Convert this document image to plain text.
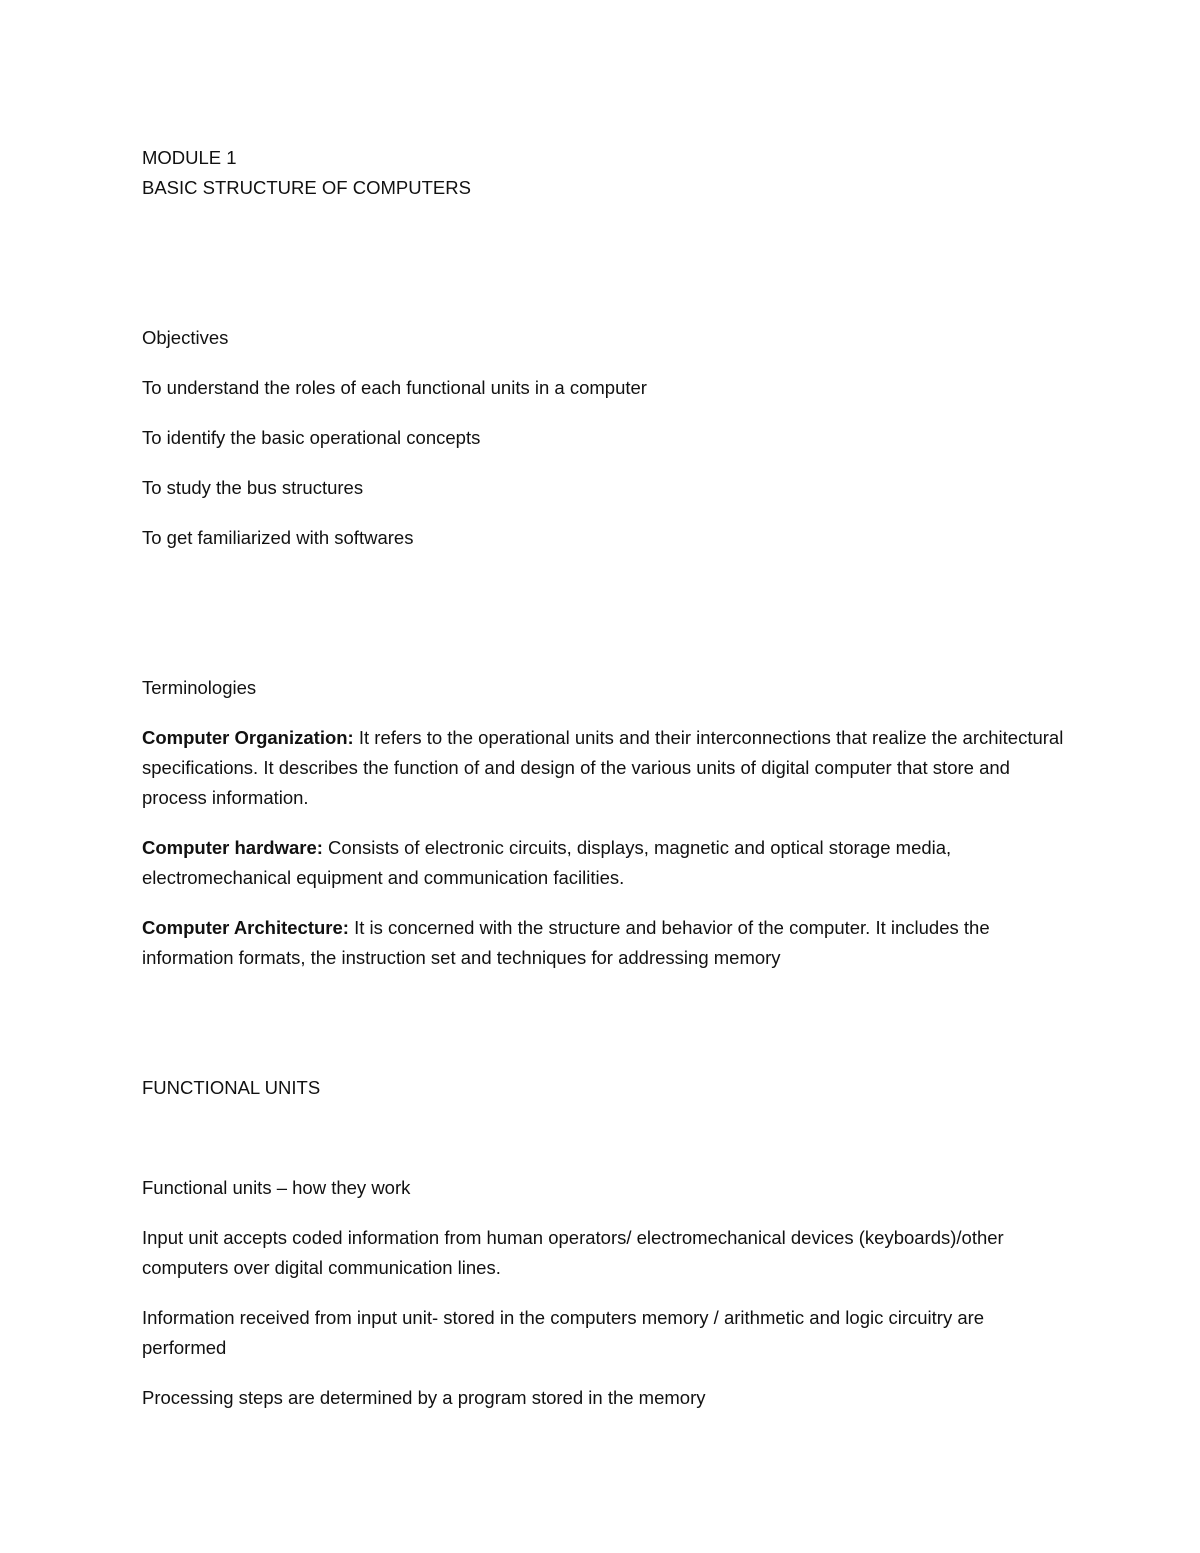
MODULE 1

BASIC STRUCTURE OF COMPUTERS

Objectives

To understand the roles of each functional units in a computer

To identify the basic operational concepts

To study the bus structures

To get familiarized with softwares

Terminologies

Computer Organization: It refers to the operational units and their interconnections that realize the architectural specifications. It describes the function of and design of the various units of digital computer that store and process information.

Computer hardware: Consists of electronic circuits, displays, magnetic and optical storage media, electromechanical equipment and communication facilities.

Computer Architecture: It is concerned with the structure and behavior of the computer. It includes the information formats, the instruction set and techniques for addressing memory

FUNCTIONAL UNITS

Functional units – how they work

Input unit accepts coded information from human operators/ electromechanical devices (keyboards)/other computers over digital communication lines.

Information received from input unit- stored in the computers memory / arithmetic and logic circuitry are performed

Processing steps are determined by a program stored in the memory
